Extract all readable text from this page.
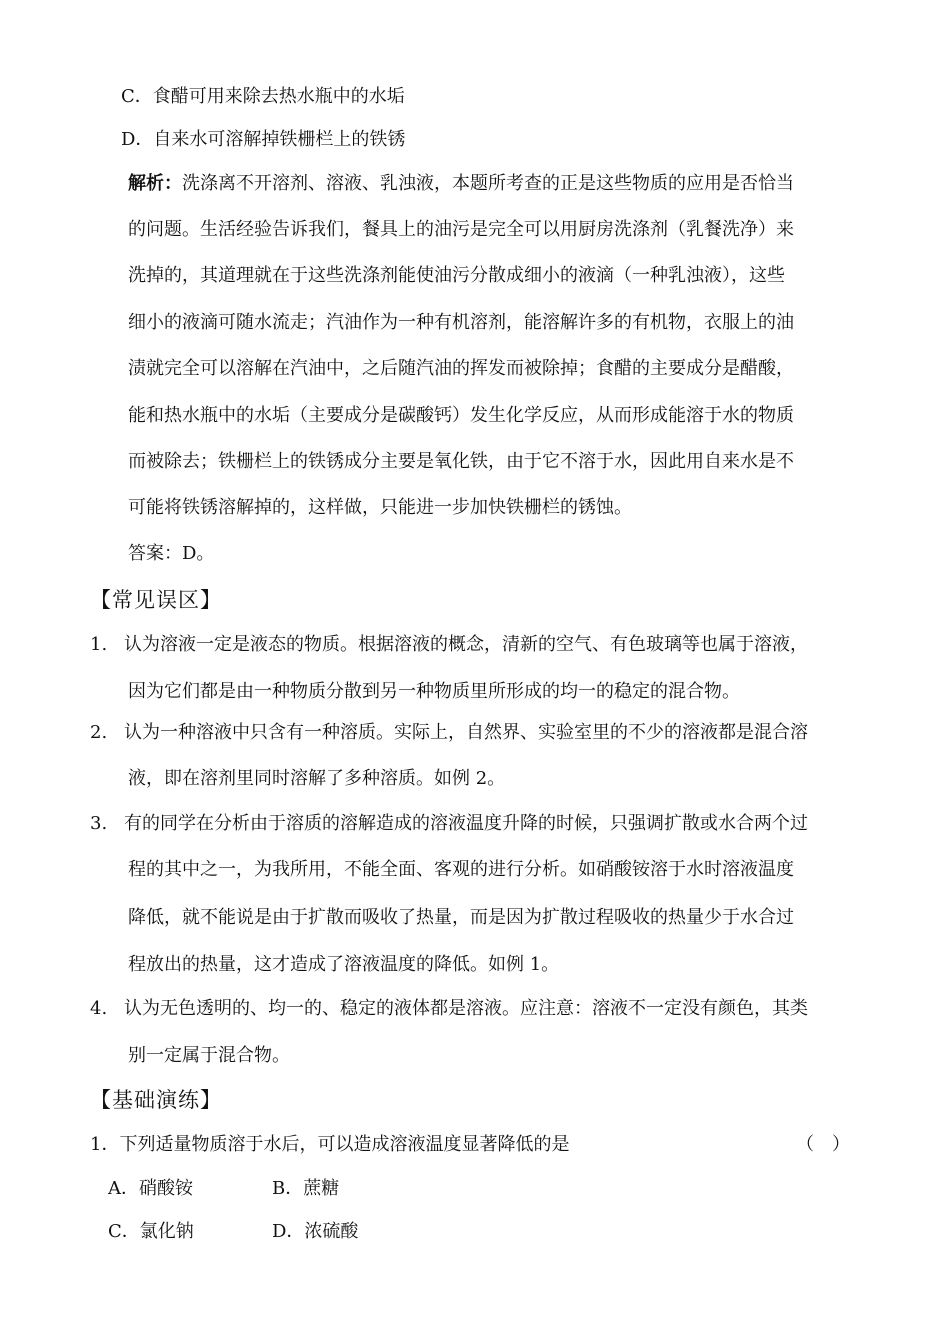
C．食醋可用来除去热水瓶中的水垢
D．自来水可溶解掉铁栅栏上的铁锈
解析：洗涤离不开溶剂、溶液、乳浊液，本题所考查的正是这些物质的应用是否恰当
的问题。生活经验告诉我们，餐具上的油污是完全可以用厨房洗涤剂（乳餐洗净）来
洗掉的，其道理就在于这些洗涤剂能使油污分散成细小的液滴（一种乳浊液），这些
细小的液滴可随水流走；汽油作为一种有机溶剂，能溶解许多的有机物，衣服上的油
渍就完全可以溶解在汽油中，之后随汽油的挥发而被除掉；食醋的主要成分是醋酸，
能和热水瓶中的水垢（主要成分是碳酸钙）发生化学反应，从而形成能溶于水的物质
而被除去；铁栅栏上的铁锈成分主要是氧化铁，由于它不溶于水，因此用自来水是不
可能将铁锈溶解掉的，这样做，只能进一步加快铁栅栏的锈蚀。
答案：D。
【常见误区】
1. 认为溶液一定是液态的物质。根据溶液的概念，清新的空气、有色玻璃等也属于溶液，
因为它们都是由一种物质分散到另一种物质里所形成的均一的稳定的混合物。
2. 认为一种溶液中只含有一种溶质。实际上，自然界、实验室里的不少的溶液都是混合溶
液，即在溶剂里同时溶解了多种溶质。如例 2。
3. 有的同学在分析由于溶质的溶解造成的溶液温度升降的时候，只强调扩散或水合两个过
程的其中之一，为我所用，不能全面、客观的进行分析。如硝酸铵溶于水时溶液温度
降低，就不能说是由于扩散而吸收了热量，而是因为扩散过程吸收的热量少于水合过
程放出的热量，这才造成了溶液温度的降低。如例 1。
4. 认为无色透明的、均一的、稳定的液体都是溶液。应注意：溶液不一定没有颜色，其类
别一定属于混合物。
【基础演练】
1．下列适量物质溶于水后，可以造成溶液温度显著降低的是	（　）
A．硝酸铵	B．蔗糖
C．氯化钠	D．浓硫酸
